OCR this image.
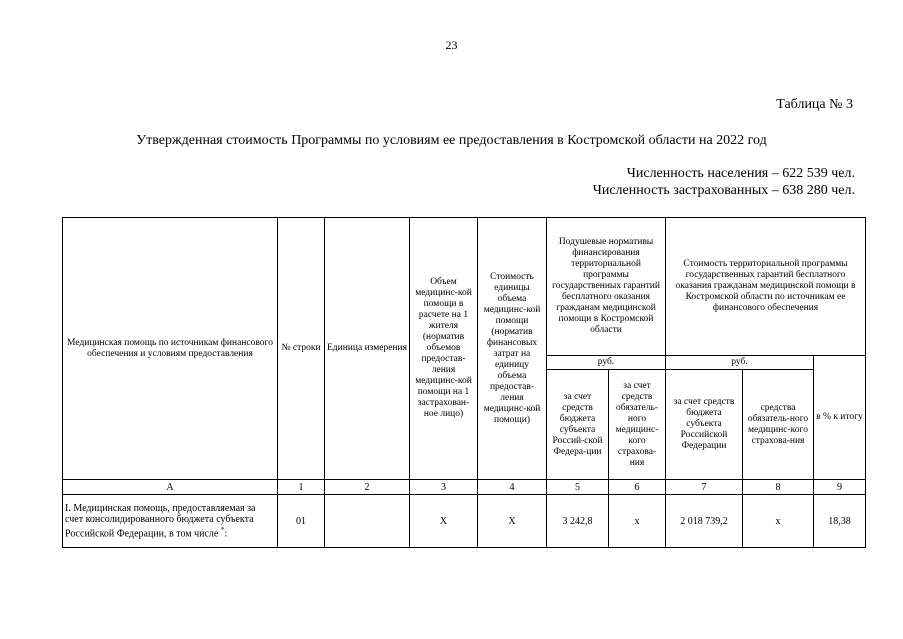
23
Таблица № 3
Утвержденная стоимость Программы по условиям ее предоставления в Костромской области на 2022 год
Численность населения – 622 539 чел.
Численность застрахованных – 638 280 чел.
Медицинская помощь по источникам финансового обеспечения и условиям предоставления	№ строки	Единица измерения	Объем медицинс-кой помощи в расчете на 1 жителя (норматив объемов предостав-ления медицинс-кой помощи на 1 застрахован-ное лицо)	Стоимость единицы объема медицинс-кой помощи (норматив финансовых затрат на единицу объема предостав-ления медицинс-кой помощи)	Подушевые нормативы финансирования территориальной программы государственных гарантий бесплатного оказания гражданам медицинской помощи в Костромской области		Стоимость территориальной программы государственных гарантий бесплатного оказания гражданам медицинской помощи в Костромской области по источникам ее финансового обеспечения		
					руб.		руб.		в % к итогу
					за счет средств бюджета субъекта Россий-ской Федера-ции	за счет средств обязатель-ного медицинс-кого страхова-ния	за счет средств бюджета субъекта Российской Федерации	средства обязатель-ного медицинс-кого страхова-ния	
А	1	2	3	4	5	6	7	8	9
I. Медицинская помощь, предоставляемая за счет консолидированного бюджета субъекта Российской Федерации, в том числе *:	01		Х	Х	3 242,8	х	2 018 739,2	х	18,38
